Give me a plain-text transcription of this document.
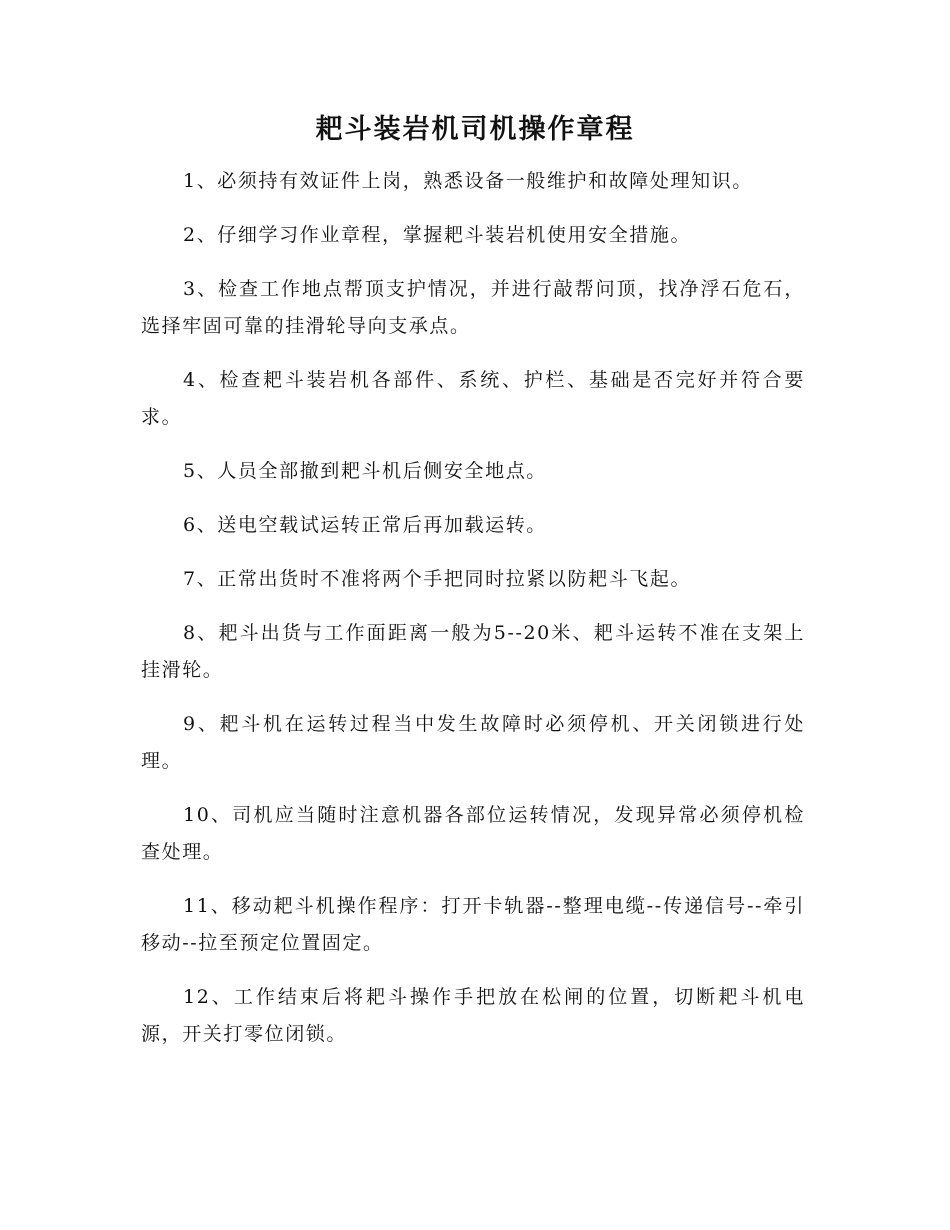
耙斗装岩机司机操作章程

1、必须持有效证件上岗，熟悉设备一般维护和故障处理知识。

2、仔细学习作业章程，掌握耙斗装岩机使用安全措施。

3、检查工作地点帮顶支护情况，并进行敲帮问顶，找净浮石危石，选择牢固可靠的挂滑轮导向支承点。

4、检查耙斗装岩机各部件、系统、护栏、基础是否完好并符合要求。

5、人员全部撤到耙斗机后侧安全地点。

6、送电空载试运转正常后再加载运转。

7、正常出货时不准将两个手把同时拉紧以防耙斗飞起。

8、耙斗出货与工作面距离一般为5--20米、耙斗运转不准在支架上挂滑轮。

9、耙斗机在运转过程当中发生故障时必须停机、开关闭锁进行处理。

10、司机应当随时注意机器各部位运转情况，发现异常必须停机检查处理。

11、移动耙斗机操作程序：打开卡轨器--整理电缆--传递信号--牵引移动--拉至预定位置固定。

12、工作结束后将耙斗操作手把放在松闸的位置，切断耙斗机电源，开关打零位闭锁。
